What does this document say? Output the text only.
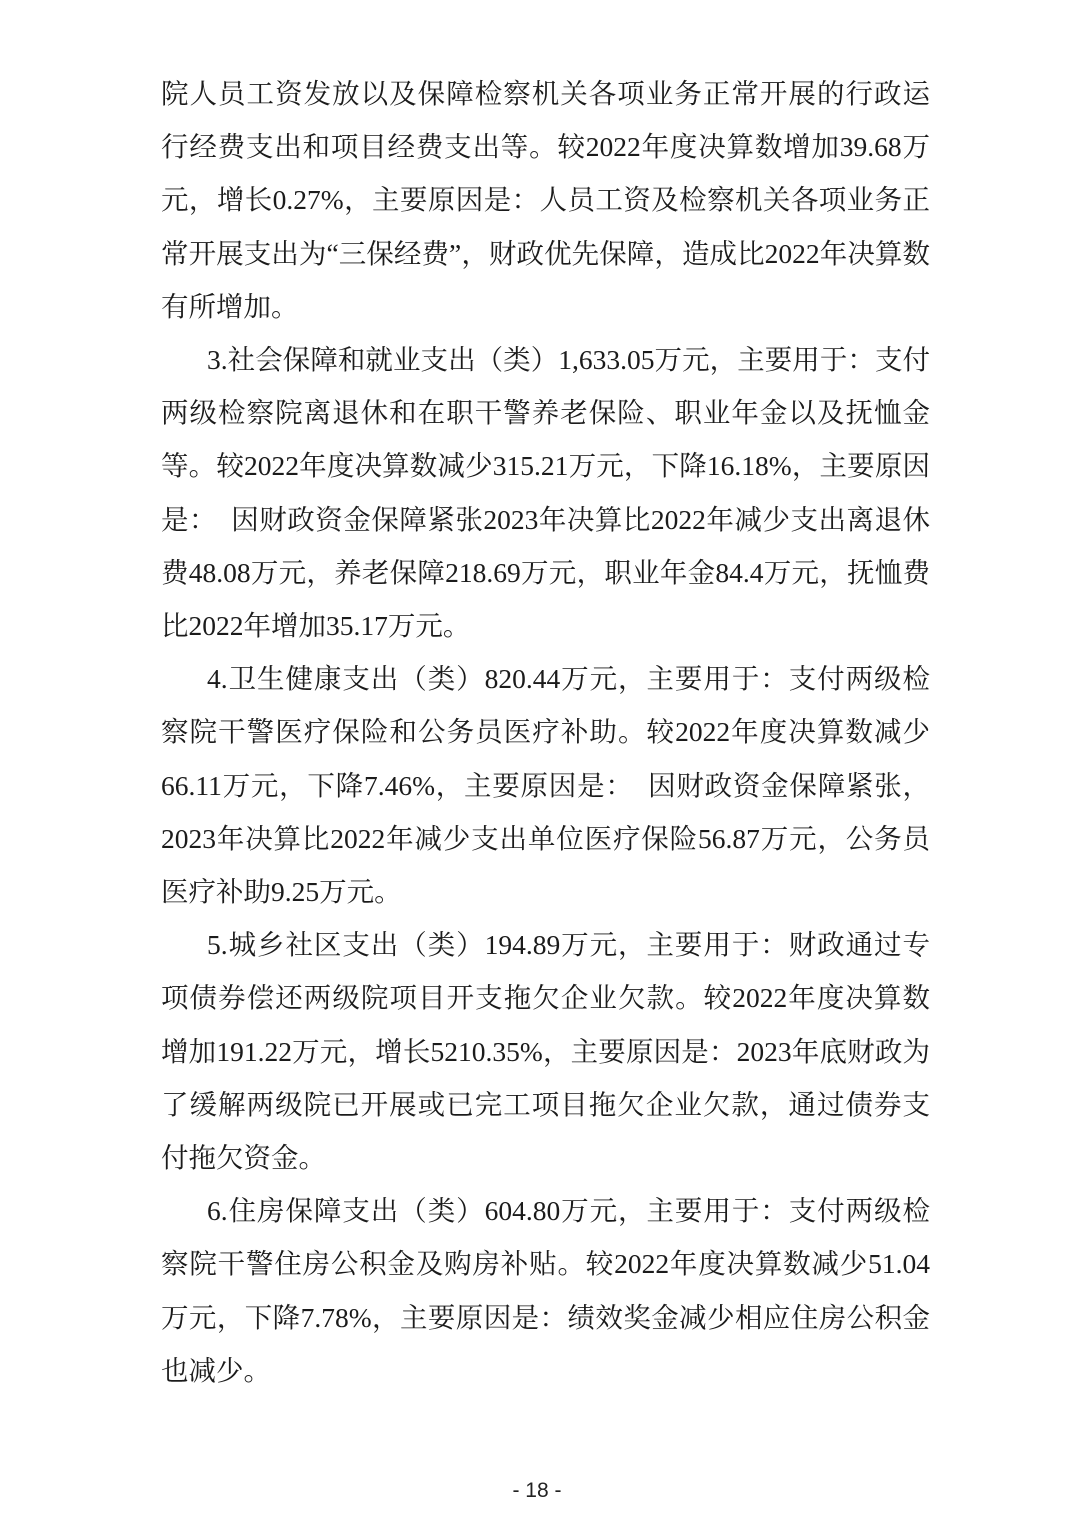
院人员工资发放以及保障检察机关各项业务正常开展的行政运行经费支出和项目经费支出等。较2022年度决算数增加39.68万元，增长0.27%，主要原因是：人员工资及检察机关各项业务正常开展支出为“三保经费”，财政优先保障，造成比2022年决算数有所增加。

3.社会保障和就业支出（类）1,633.05万元，主要用于：支付两级检察院离退休和在职干警养老保险、职业年金以及抚恤金等。较2022年度决算数减少315.21万元，下降16.18%，主要原因是：　因财政资金保障紧张2023年决算比2022年减少支出离退休费48.08万元，养老保障218.69万元，职业年金84.4万元，抚恤费比2022年增加35.17万元。

4.卫生健康支出（类）820.44万元，主要用于：支付两级检察院干警医疗保险和公务员医疗补助。较2022年度决算数减少66.11万元，下降7.46%，主要原因是：　因财政资金保障紧张，2023年决算比2022年减少支出单位医疗保险56.87万元，公务员医疗补助9.25万元。

5.城乡社区支出（类）194.89万元，主要用于：财政通过专项债券偿还两级院项目开支拖欠企业欠款。较2022年度决算数增加191.22万元，增长5210.35%，主要原因是：2023年底财政为了缓解两级院已开展或已完工项目拖欠企业欠款，通过债券支付拖欠资金。

6.住房保障支出（类）604.80万元，主要用于：支付两级检察院干警住房公积金及购房补贴。较2022年度决算数减少51.04万元，下降7.78%，主要原因是：绩效奖金减少相应住房公积金也减少。

- 18 -
